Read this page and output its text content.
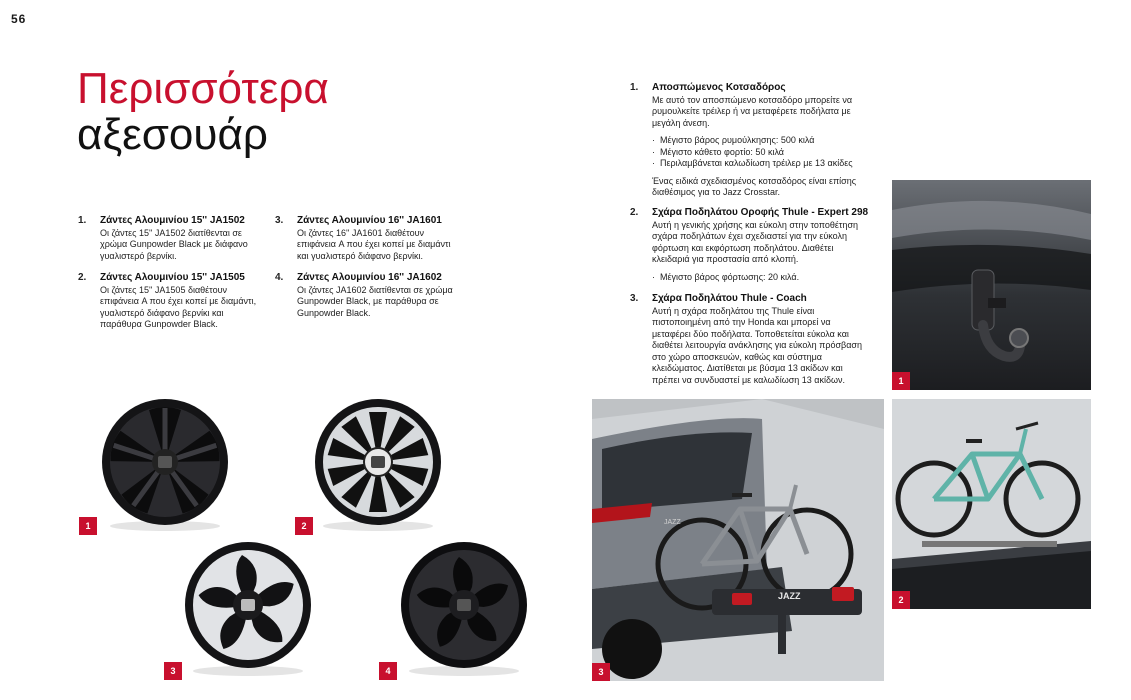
56
Περισσότερα
αξεσουάρ
1. Ζάντες Αλουμινίου 15'' JA1502

Οι ζάντες 15'' JA1502 διατίθενται σε χρώμα Gunpowder Black με διάφανο γυαλιστερό βερνίκι.

2. Ζάντες Αλουμινίου 15'' JA1505

Οι ζάντες 15'' JA1505 διαθέτουν επιφάνεια A που έχει κοπεί με διαμάντι, γυαλιστερό διάφανο βερνίκι και παράθυρα Gunpowder Black.

3. Ζάντες Αλουμινίου 16'' JA1601

Οι ζάντες 16'' JA1601 διαθέτουν επιφάνεια A που έχει κοπεί με διαμάντι και γυαλιστερό διάφανο βερνίκι.

4. Ζάντες Αλουμινίου 16'' JA1602

Οι ζάντες JA1602 διατίθενται σε χρώμα Gunpowder Black, με παράθυρα σε Gunpowder Black.

1. Αποσπώμενος Κοτσαδόρος

Με αυτό τον αποσπώμενο κοτσαδόρο μπορείτε να ρυμουλκείτε τρέιλερ ή να μεταφέρετε ποδήλατα με μεγάλη άνεση.

· Μέγιστο βάρος ρυμούλκησης: 500 κιλά
· Μέγιστο κάθετο φορτίο: 50 κιλά
· Περιλαμβάνεται καλωδίωση τρέιλερ με 13 ακίδες

Ένας ειδικά σχεδιασμένος κοτσαδόρος είναι επίσης διαθέσιμος για το Jazz Crosstar.

2. Σχάρα Ποδηλάτου Οροφής Thule - Expert 298

Αυτή η γενικής χρήσης και εύκολη στην τοποθέτηση σχάρα ποδηλάτων έχει σχεδιαστεί για την εύκολη φόρτωση και εκφόρτωση ποδηλάτου. Διαθέτει κλειδαριά για προστασία από κλοπή.

· Μέγιστο βάρος φόρτωσης: 20 κιλά.
3. Σχάρα Ποδηλάτου Thule - Coach

Αυτή η σχάρα ποδηλάτου της Thule είναι πιστοποιημένη από την Honda και μπορεί να μεταφέρει δύο ποδήλατα. Τοποθετείται εύκολα και διαθέτει λειτουργία ανάκλησης για εύκολη πρόσβαση στο χώρο αποσκευών, καθώς και σύστημα κλειδώματος. Διατίθεται με βύσμα 13 ακίδων και πρέπει να συνδυαστεί με καλωδίωση 13 ακίδων.

1	2
3	4
1
2
3
JAZZ
JAZZ
